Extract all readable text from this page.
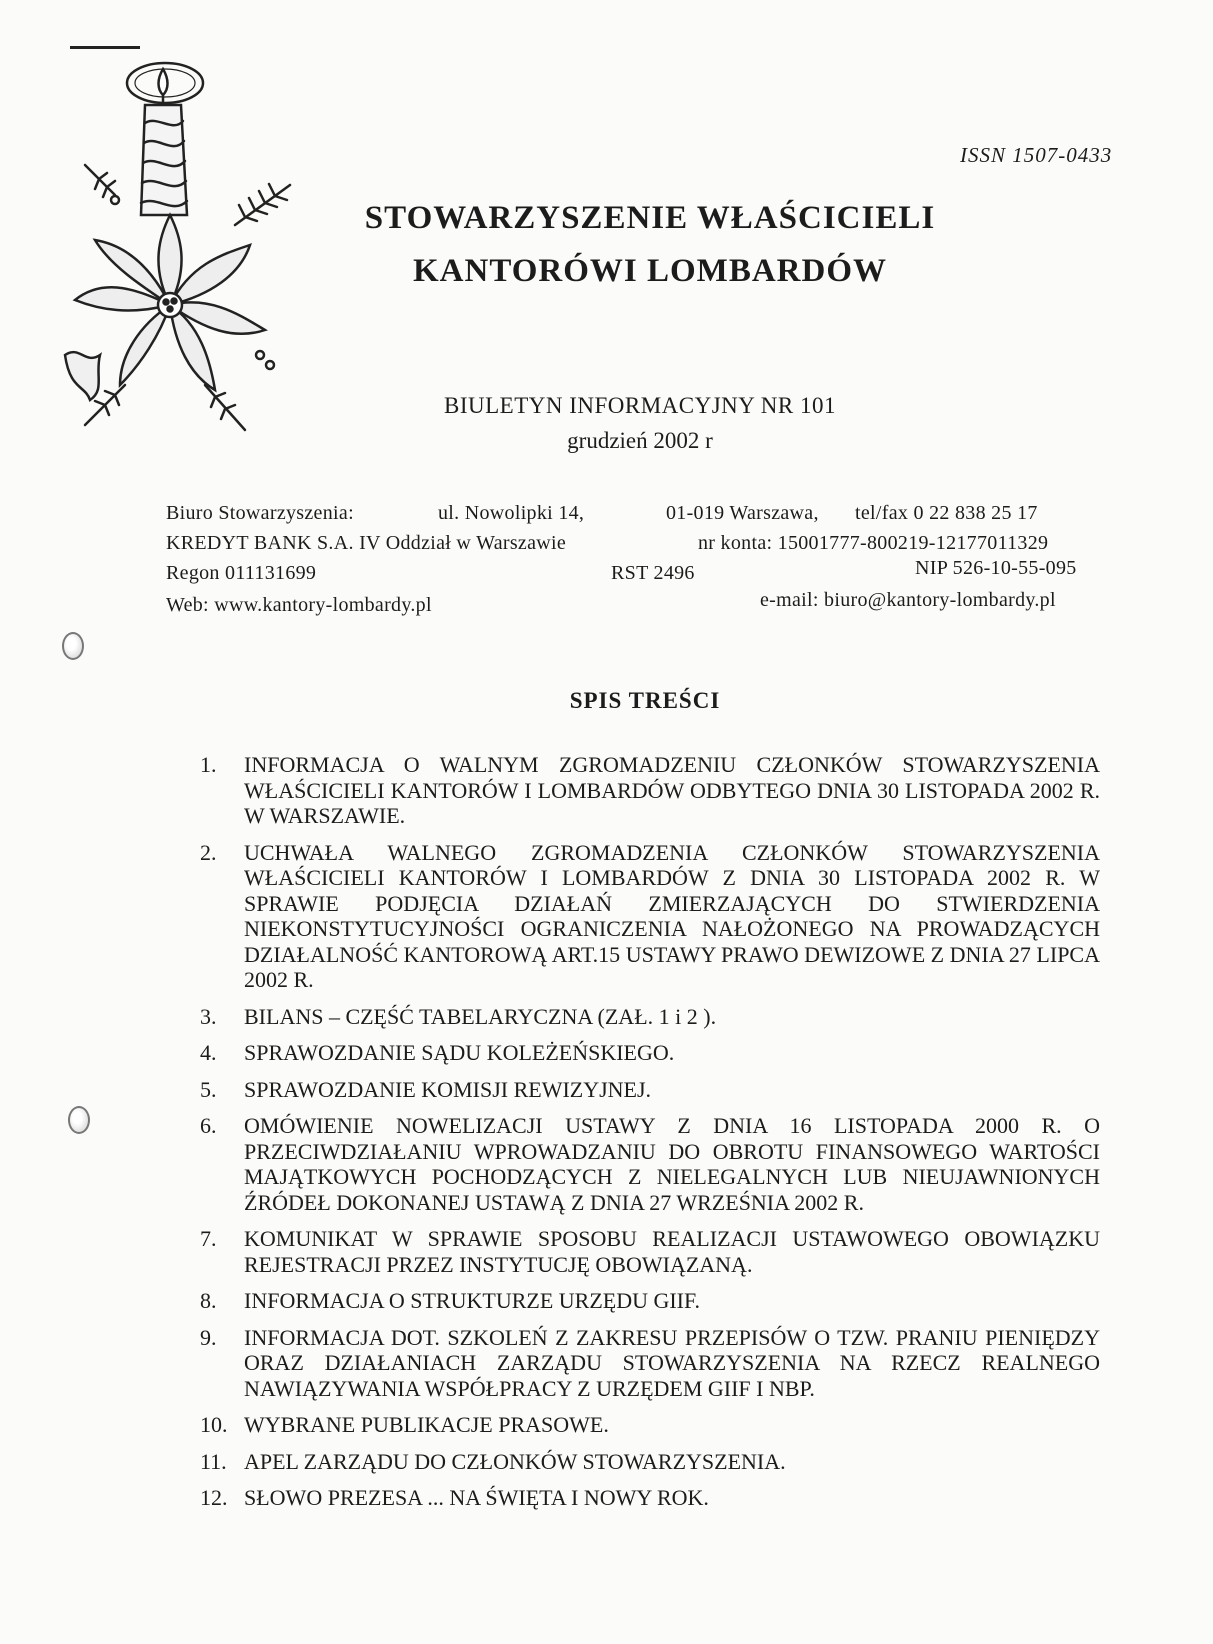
ISSN 1507-0433
STOWARZYSZENIE WŁAŚCICIELI
KANTORÓWI LOMBARDÓW
BIULETYN INFORMACYJNY NR 101
grudzień 2002 r
Biuro Stowarzyszenia:	ul. Nowolipki 14,	01-019 Warszawa, tel/fax 0 22 838 25 17
KREDYT BANK S.A. IV Oddział w Warszawie	nr konta: 15001777-800219-12177011329
Regon 011131699	RST 2496	NIP 526-10-55-095
Web: www.kantory-lombardy.pl	e-mail: biuro@kantory-lombardy.pl
SPIS TREŚCI
1.	INFORMACJA O WALNYM ZGROMADZENIU CZŁONKÓW STOWARZYSZENIA WŁAŚCICIELI KANTORÓW I LOMBARDÓW ODBYTEGO DNIA 30 LISTOPADA 2002 R. W WARSZAWIE.
2.	UCHWAŁA WALNEGO ZGROMADZENIA CZŁONKÓW STOWARZYSZENIA WŁAŚCICIELI KANTORÓW I LOMBARDÓW Z DNIA 30 LISTOPADA 2002 R. W SPRAWIE PODJĘCIA DZIAŁAŃ ZMIERZAJĄCYCH DO STWIERDZENIA NIEKONSTYTUCYJNOŚCI OGRANICZENIA NAŁOŻONEGO NA PROWADZĄCYCH DZIAŁALNOŚĆ KANTOROWĄ ART.15 USTAWY PRAWO DEWIZOWE Z DNIA 27 LIPCA 2002 R.
3.	BILANS – CZĘŚĆ TABELARYCZNA (ZAŁ. 1 i 2 ).
4.	SPRAWOZDANIE SĄDU KOLEŻEŃSKIEGO.
5.	SPRAWOZDANIE KOMISJI REWIZYJNEJ.
6.	OMÓWIENIE NOWELIZACJI USTAWY Z DNIA 16 LISTOPADA 2000 R. O PRZECIWDZIAŁANIU WPROWADZANIU DO OBROTU FINANSOWEGO WARTOŚCI MAJĄTKOWYCH POCHODZĄCYCH Z NIELEGALNYCH LUB NIEUJAWNIONYCH ŹRÓDEŁ DOKONANEJ USTAWĄ Z DNIA 27 WRZEŚNIA 2002 R.
7.	KOMUNIKAT W SPRAWIE SPOSOBU REALIZACJI USTAWOWEGO OBOWIĄZKU REJESTRACJI PRZEZ INSTYTUCJĘ OBOWIĄZANĄ.
8.	INFORMACJA O STRUKTURZE URZĘDU GIIF.
9.	INFORMACJA DOT. SZKOLEŃ Z ZAKRESU PRZEPISÓW O TZW. PRANIU PIENIĘDZY ORAZ DZIAŁANIACH ZARZĄDU STOWARZYSZENIA NA RZECZ REALNEGO NAWIĄZYWANIA WSPÓŁPRACY Z URZĘDEM GIIF I NBP.
10. WYBRANE PUBLIKACJE PRASOWE.
11. APEL ZARZĄDU DO CZŁONKÓW STOWARZYSZENIA.
12. SŁOWO PREZESA ... NA ŚWIĘTA I NOWY ROK.
